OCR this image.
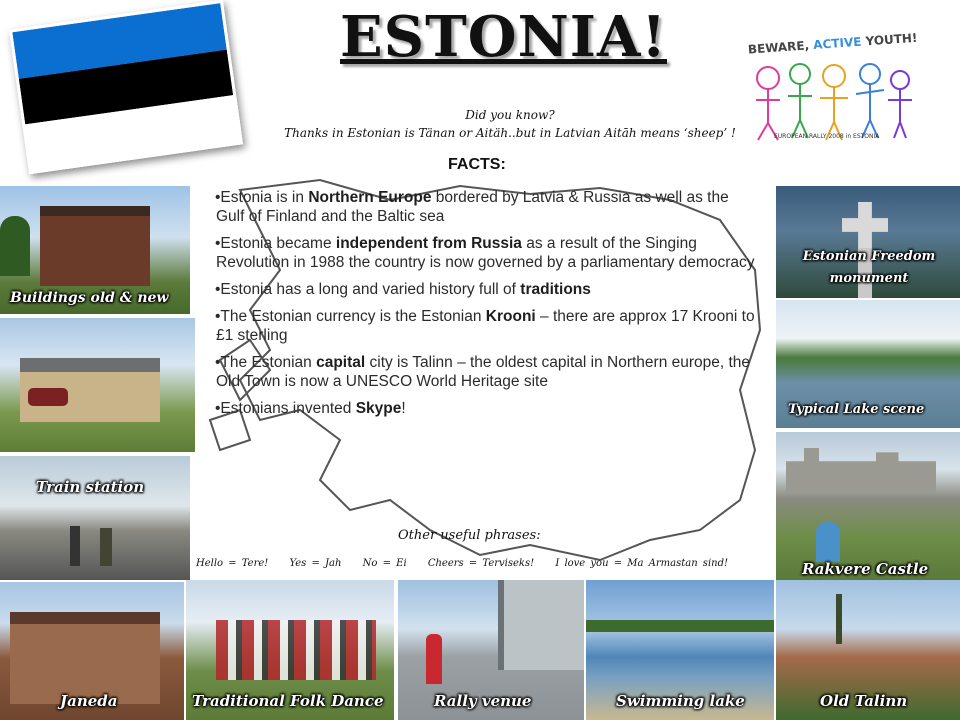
ESTONIA!	BEWARE, ACTIVE YOUTH!
EUROPEAN RALLY 2008 in ESTONIA
Did you know?
Thanks in Estonian is Tänan or Aitäh..but in Latvian Aitāh means ‘sheep’ !
FACTS:
•Estonia is in Northern Europe bordered by Latvia & Russia as well as the Gulf of Finland and the Baltic sea
•Estonia became independent from Russia as a result of the Singing Revolution in 1988 the country is now governed by a parliamentary democracy
•Estonia has a long and varied history full of traditions
•The Estonian currency is the Estonian Krooni – there are approx 17 Krooni to £1 sterling
•The Estonian capital city is Talinn – the oldest capital in Northern europe, the Old Town is now a UNESCO World Heritage site
•Estonians invented Skype!
Other useful phrases:
Hello = Tere! Yes = Jah No = Ei Cheers = Terviseks! I love you = Ma Armastan sind!
Buildings old & new
Train station
Janeda	Traditional Folk Dance	Rally venue	Swimming lake	Old Talinn
Estonian Freedom monument
Typical Lake scene
Rakvere Castle
